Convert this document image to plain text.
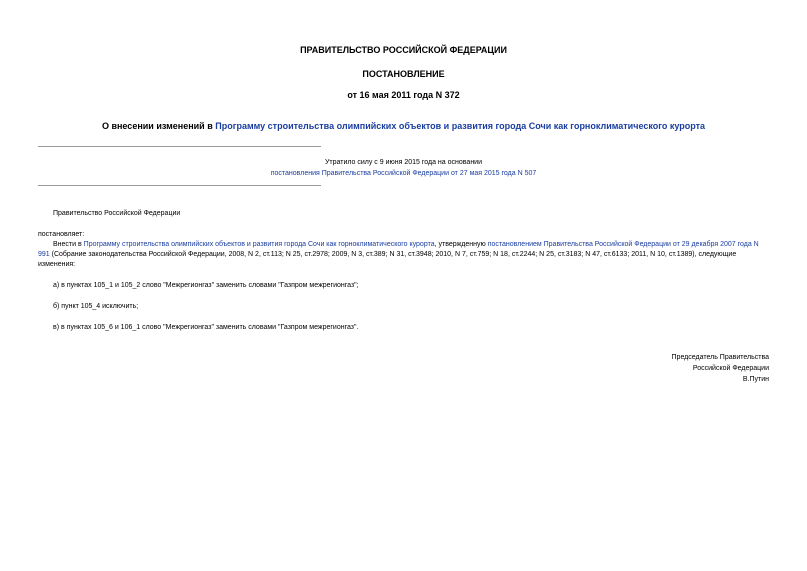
ПРАВИТЕЛЬСТВО РОССИЙСКОЙ ФЕДЕРАЦИИ
ПОСТАНОВЛЕНИЕ
от 16 мая 2011 года N 372
О внесении изменений в Программу строительства олимпийских объектов и развития города Сочи как горноклиматического курорта
Утратило силу с 9 июня 2015 года на основании
постановления Правительства Российской Федерации от 27 мая 2015 года N 507
Правительство Российской Федерации
постановляет:
Внести в Программу строительства олимпийских объектов и развития города Сочи как горноклиматического курорта, утвержденную постановлением Правительства Российской Федерации от 29 декабря 2007 года N 991 (Собрание законодательства Российской Федерации, 2008, N 2, ст.113; N 25, ст.2978; 2009, N 3, ст.389; N 31, ст.3948; 2010, N 7, ст.759; N 18, ст.2244; N 25, ст.3183; N 47, ст.6133; 2011, N 10, ст.1389), следующие изменения:
а) в пунктах 105_1 и 105_2 слово "Межрегионгаз" заменить словами "Газпром межрегионгаз";
б) пункт 105_4 исключить;
в) в пунктах 105_6 и 106_1 слово "Межрегионгаз" заменить словами "Газпром межрегионгаз".
Председатель Правительства
Российской Федерации
В.Путин
